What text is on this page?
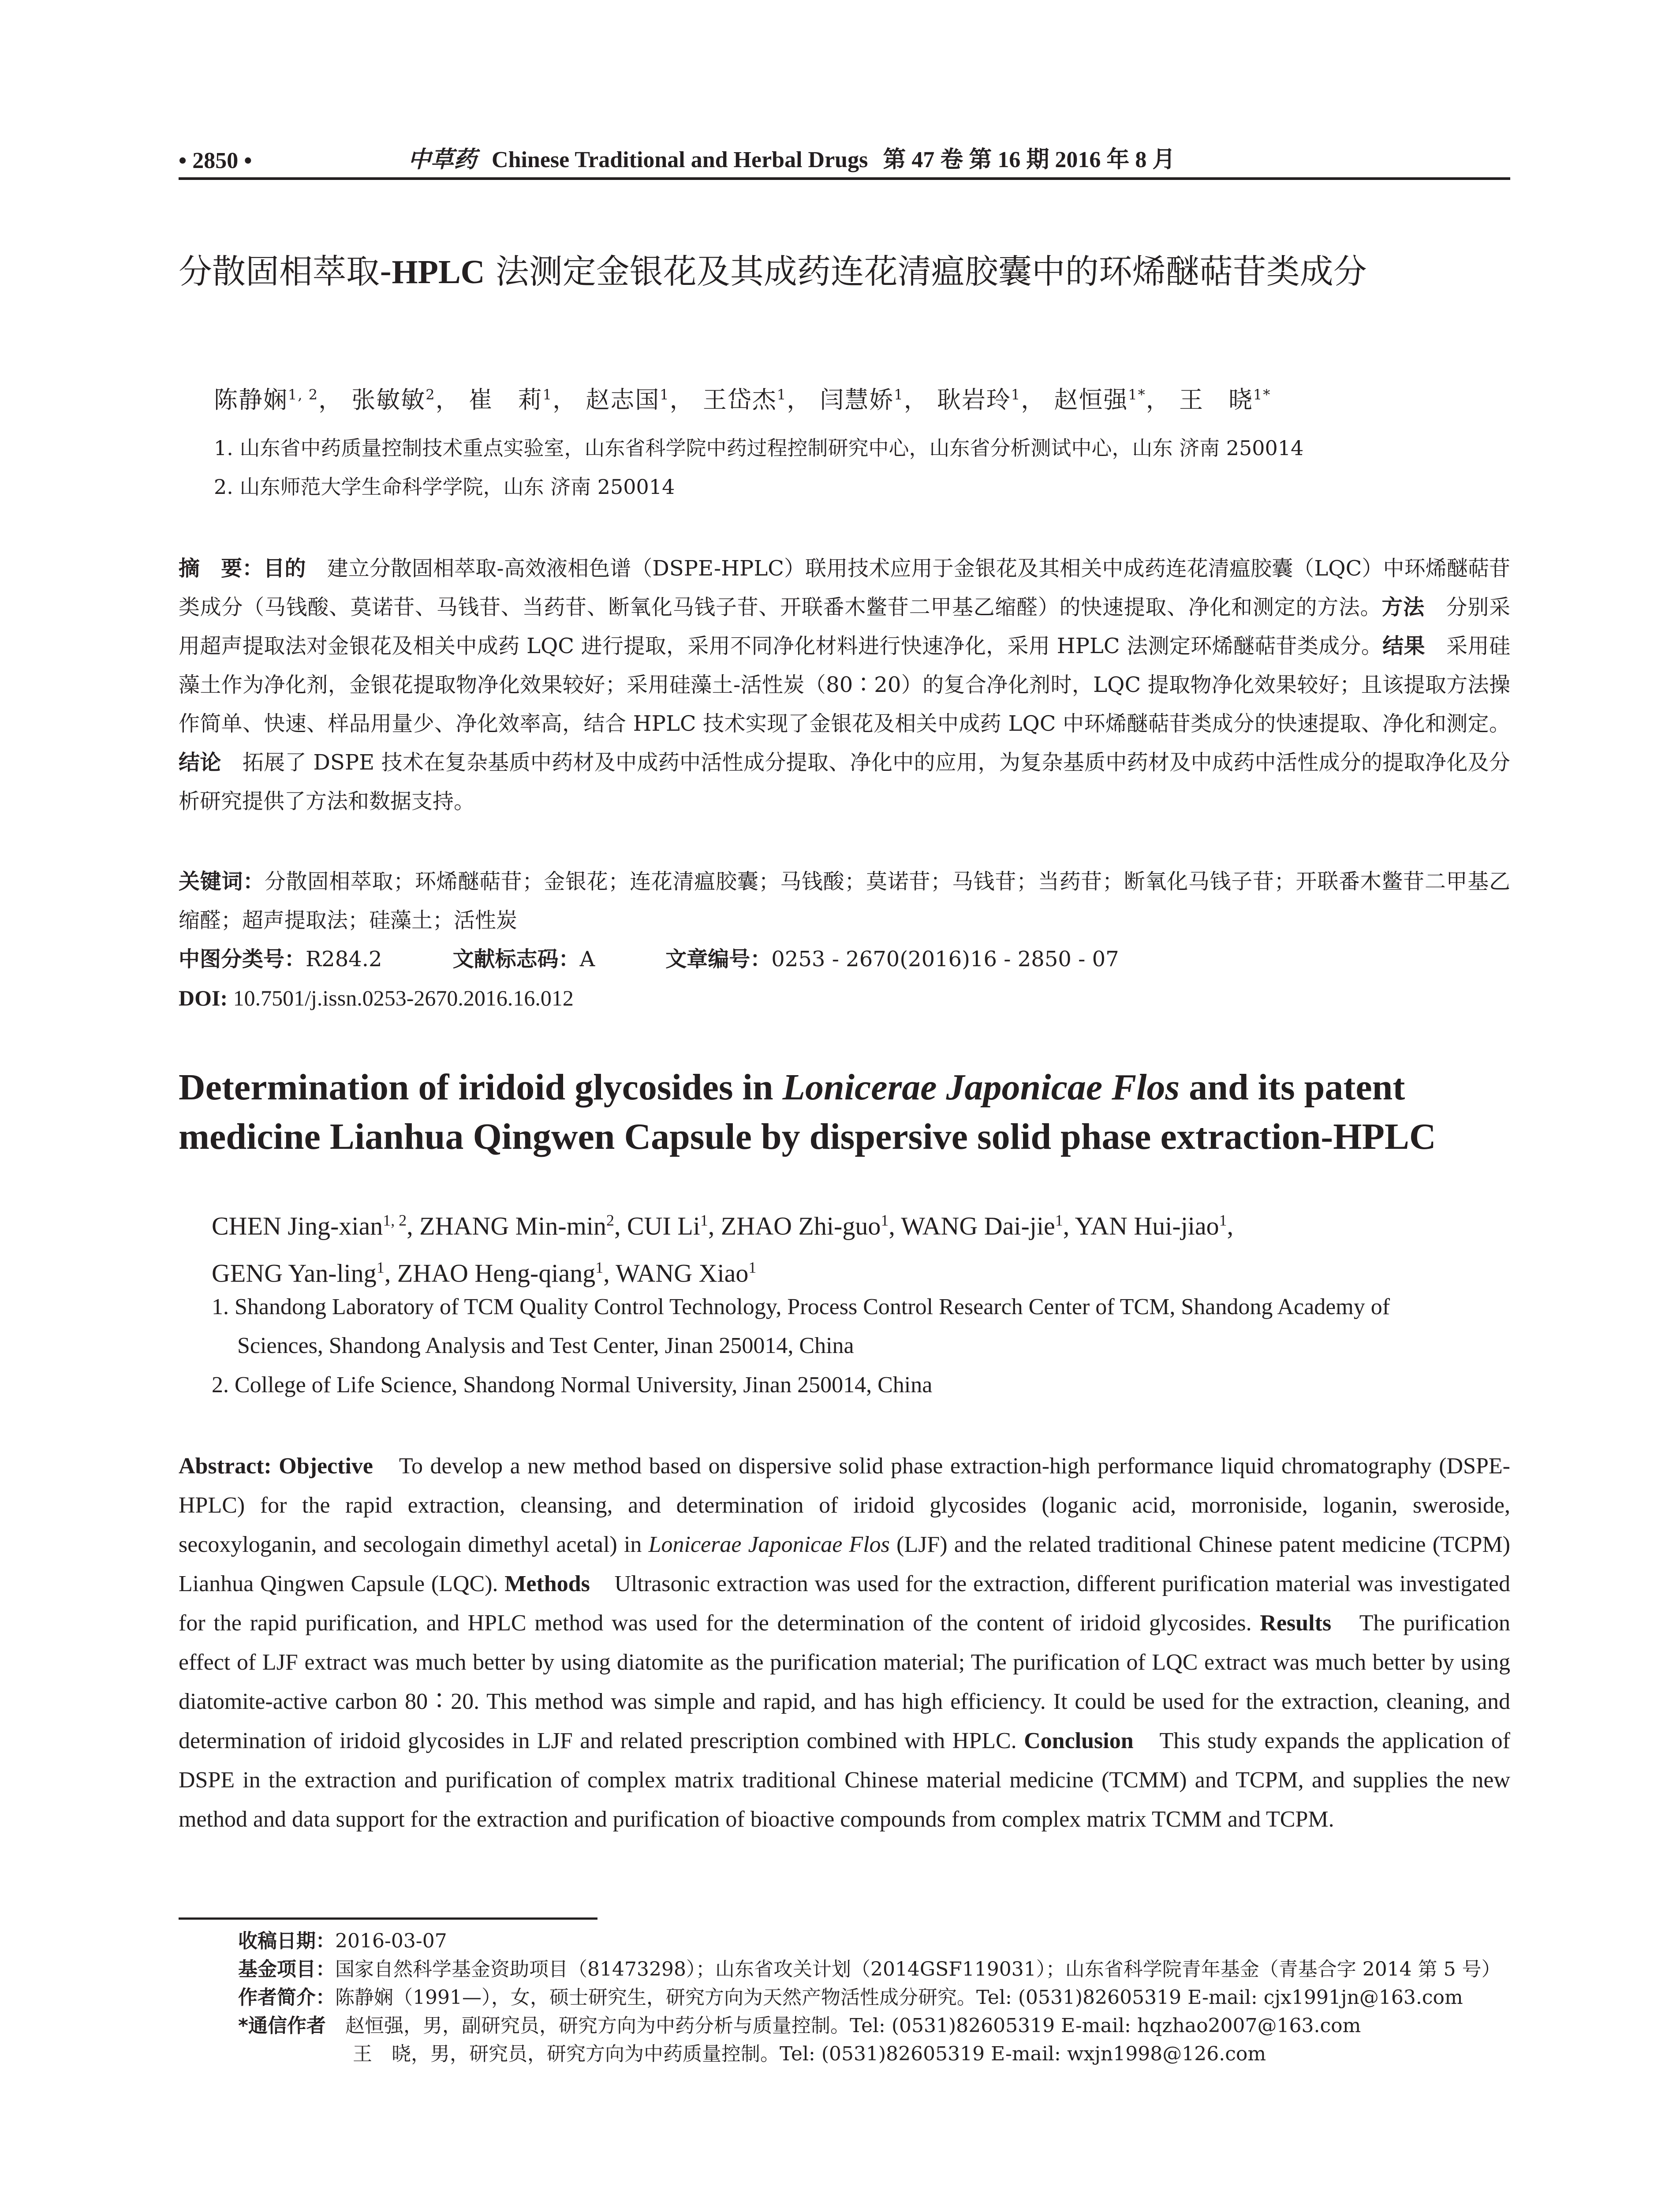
• 2850 •	中草药 Chinese Traditional and Herbal Drugs 第 47 卷 第 16 期 2016 年 8 月
分散固相萃取-HPLC 法测定金银花及其成药连花清瘟胶囊中的环烯醚萜苷类成分
陈静娴$^{1, 2}$， 张敏敏$^2$， 崔　莉$^1$， 赵志国$^1$， 王岱杰$^1$， 闫慧娇$^1$， 耿岩玲$^1$， 赵恒强$^{1*}$， 王　晓$^{1*}$
1. 山东省中药质量控制技术重点实验室，山东省科学院中药过程控制研究中心，山东省分析测试中心，山东 济南 250014
2. 山东师范大学生命科学学院，山东 济南 250014
摘　要：目的　建立分散固相萃取-高效液相色谱（DSPE-HPLC）联用技术应用于金银花及其相关中成药连花清瘟胶囊（LQC）中环烯醚萜苷类成分（马钱酸、莫诺苷、马钱苷、当药苷、断氧化马钱子苷、开联番木鳖苷二甲基乙缩醛）的快速提取、净化和测定的方法。方法　分别采用超声提取法对金银花及相关中成药 LQC 进行提取，采用不同净化材料进行快速净化，采用 HPLC 法测定环烯醚萜苷类成分。结果　采用硅藻土作为净化剂，金银花提取物净化效果较好；采用硅藻土-活性炭（80∶20）的复合净化剂时，LQC 提取物净化效果较好；且该提取方法操作简单、快速、样品用量少、净化效率高，结合 HPLC 技术实现了金银花及相关中成药 LQC 中环烯醚萜苷类成分的快速提取、净化和测定。结论　拓展了 DSPE 技术在复杂基质中药材及中成药中活性成分提取、净化中的应用，为复杂基质中药材及中成药中活性成分的提取净化及分析研究提供了方法和数据支持。
关键词：分散固相萃取；环烯醚萜苷；金银花；连花清瘟胶囊；马钱酸；莫诺苷；马钱苷；当药苷；断氧化马钱子苷；开联番木鳖苷二甲基乙缩醛；超声提取法；硅藻土；活性炭
中图分类号：R284.2	文献标志码：A	文章编号：0253 - 2670(2016)16 - 2850 - 07
DOI: 10.7501/j.issn.0253-2670.2016.16.012
Determination of iridoid glycosides in Lonicerae Japonicae Flos and its patent medicine Lianhua Qingwen Capsule by dispersive solid phase extraction-HPLC
CHEN Jing-xian$^{1, 2}$, ZHANG Min-$\min^2$, CUI Li$^1$, ZHAO Zhi-guo$^1$, WANG Dai-jie$^1$, YAN Hui-jiao$^1$,
GENG Yan-ling$^1$, ZHAO Heng-qiang$^1$, WANG Xiao$^1$
1. Shandong Laboratory of TCM Quality Control Technology, Process Control Research Center of TCM, Shandong Academy of
Sciences, Shandong Analysis and Test Center, Jinan 250014, China
2. College of Life Science, Shandong Normal University, Jinan 250014, China
Abstract: Objective　To develop a new method based on dispersive solid phase extraction-high performance liquid chromatography (DSPE-HPLC) for the rapid extraction, cleansing, and determination of iridoid glycosides (loganic acid, morroniside, loganin, sweroside, secoxyloganin, and secologain dimethyl acetal) in Lonicerae Japonicae Flos (LJF) and the related traditional Chinese patent medicine (TCPM) Lianhua Qingwen Capsule (LQC). Methods　Ultrasonic extraction was used for the extraction, different purification material was investigated for the rapid purification, and HPLC method was used for the determination of the content of iridoid glycosides. Results　The purification effect of LJF extract was much better by using diatomite as the purification material; The purification of LQC extract was much better by using diatomite-active carbon 80∶20. This method was simple and rapid, and has high efficiency. It could be used for the extraction, cleaning, and determination of iridoid glycosides in LJF and related prescription combined with HPLC. Conclusion　This study expands the application of DSPE in the extraction and purification of complex matrix traditional Chinese material medicine (TCMM) and TCPM, and supplies the new method and data support for the extraction and purification of bioactive compounds from complex matrix TCMM and TCPM.
收稿日期：2016-03-07
基金项目：国家自然科学基金资助项目（81473298）；山东省攻关计划（2014GSF119031）；山东省科学院青年基金（青基合字 2014 第 5 号）
作者简介：陈静娴（1991—），女，硕士研究生，研究方向为天然产物活性成分研究。Tel: (0531)82605319 E-mail: cjx1991jn@163.com
*通信作者　赵恒强，男，副研究员，研究方向为中药分析与质量控制。Tel: (0531)82605319 E-mail: hqzhao2007@163.com
王　晓，男，研究员，研究方向为中药质量控制。Tel: (0531)82605319 E-mail: wxjn1998@126.com
